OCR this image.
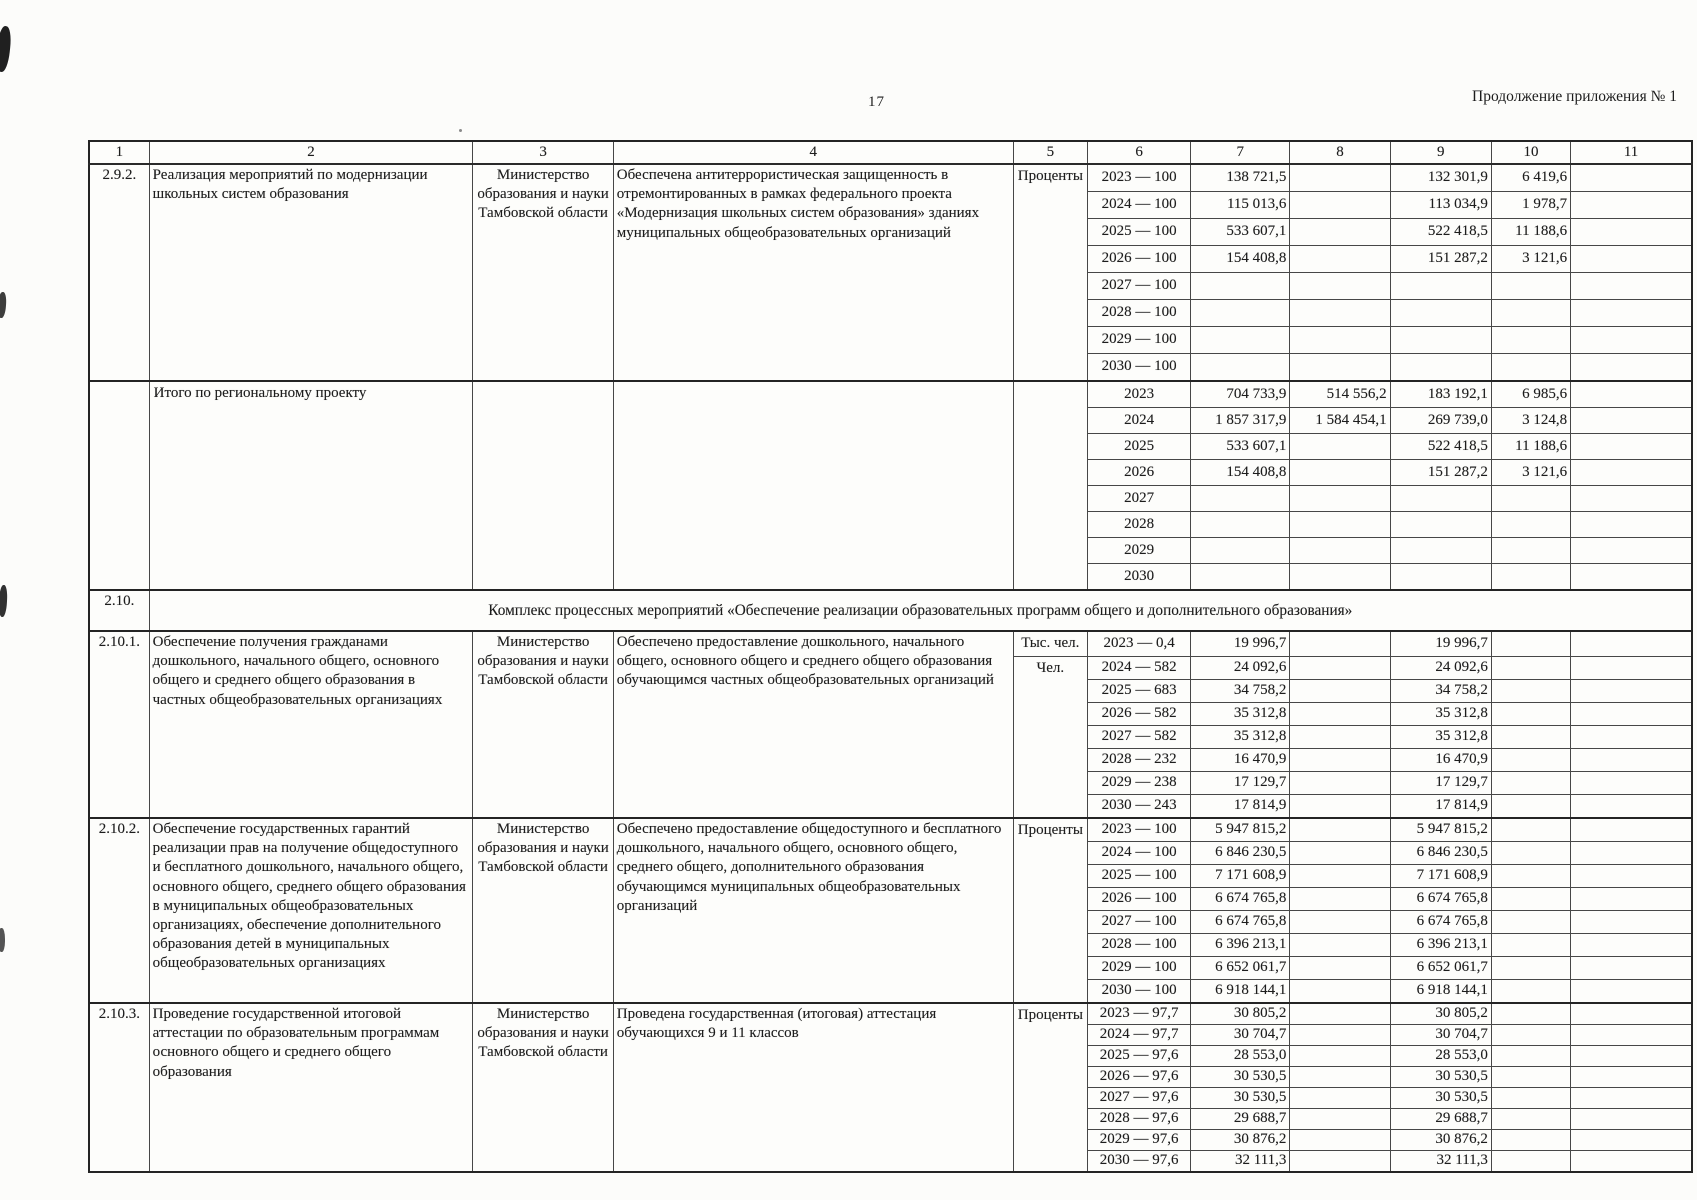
17	Продолжение приложения № 1
1	2	3	4	5	6	7	8	9	10	11
2.9.2.	Реализация мероприятий по модернизации школьных систем образования	Министерство образования и науки Тамбовской области	Обеспечена антитеррористическая защищенность в отремонтированных в рамках федерального проекта «Модернизация школьных систем образования» зданиях муниципальных общеобразовательных организаций	Проценты	2023 — 100	138 721,5		132 301,9	6 419,6	
					2024 — 100	115 013,6		113 034,9	1 978,7	
					2025 — 100	533 607,1		522 418,5	11 188,6	
					2026 — 100	154 408,8		151 287,2	3 121,6	
					2027 — 100					
					2028 — 100					
					2029 — 100					
					2030 — 100					
	Итого по региональному проекту				2023	704 733,9	514 556,2	183 192,1	6 985,6	
					2024	1 857 317,9	1 584 454,1	269 739,0	3 124,8	
					2025	533 607,1		522 418,5	11 188,6	
					2026	154 408,8		151 287,2	3 121,6	
					2027					
					2028					
					2029					
					2030					
2.10.	Комплекс процессных мероприятий «Обеспечение реализации образовательных программ общего и дополнительного образования»									
2.10.1.	Обеспечение получения гражданами дошкольного, начального общего, основного общего и среднего общего образования в частных общеобразовательных организациях	Министерство образования и науки Тамбовской области	Обеспечено предоставление дошкольного, начального общего, основного общего и среднего общего образования обучающимся частных общеобразовательных организаций	Тыс. чел.	2023 — 0,4	19 996,7		19 996,7		
				Чел.	2024 — 582	24 092,6		24 092,6		
					2025 — 683	34 758,2		34 758,2		
					2026 — 582	35 312,8		35 312,8		
					2027 — 582	35 312,8		35 312,8		
					2028 — 232	16 470,9		16 470,9		
					2029 — 238	17 129,7		17 129,7		
					2030 — 243	17 814,9		17 814,9		
2.10.2.	Обеспечение государственных гарантий реализации прав на получение общедоступного и бесплатного дошкольного, начального общего, основного общего, среднего общего образования в муниципальных общеобразовательных организациях, обеспечение дополнительного образования детей в муниципальных общеобразовательных организациях	Министерство образования и науки Тамбовской области	Обеспечено предоставление общедоступного и бесплатного дошкольного, начального общего, основного общего, среднего общего, дополнительного образования обучающимся муниципальных общеобразовательных организаций	Проценты	2023 — 100	5 947 815,2		5 947 815,2		
					2024 — 100	6 846 230,5		6 846 230,5		
					2025 — 100	7 171 608,9		7 171 608,9		
					2026 — 100	6 674 765,8		6 674 765,8		
					2027 — 100	6 674 765,8		6 674 765,8		
					2028 — 100	6 396 213,1		6 396 213,1		
					2029 — 100	6 652 061,7		6 652 061,7		
					2030 — 100	6 918 144,1		6 918 144,1		
2.10.3.	Проведение государственной итоговой аттестации по образовательным программам основного общего и среднего общего образования	Министерство образования и науки Тамбовской области	Проведена государственная (итоговая) аттестация обучающихся 9 и 11 классов	Проценты	2023 — 97,7	30 805,2		30 805,2		
					2024 — 97,7	30 704,7		30 704,7		
					2025 — 97,6	28 553,0		28 553,0		
					2026 — 97,6	30 530,5		30 530,5		
					2027 — 97,6	30 530,5		30 530,5		
					2028 — 97,6	29 688,7		29 688,7		
					2029 — 97,6	30 876,2		30 876,2		
					2030 — 97,6	32 111,3		32 111,3		
